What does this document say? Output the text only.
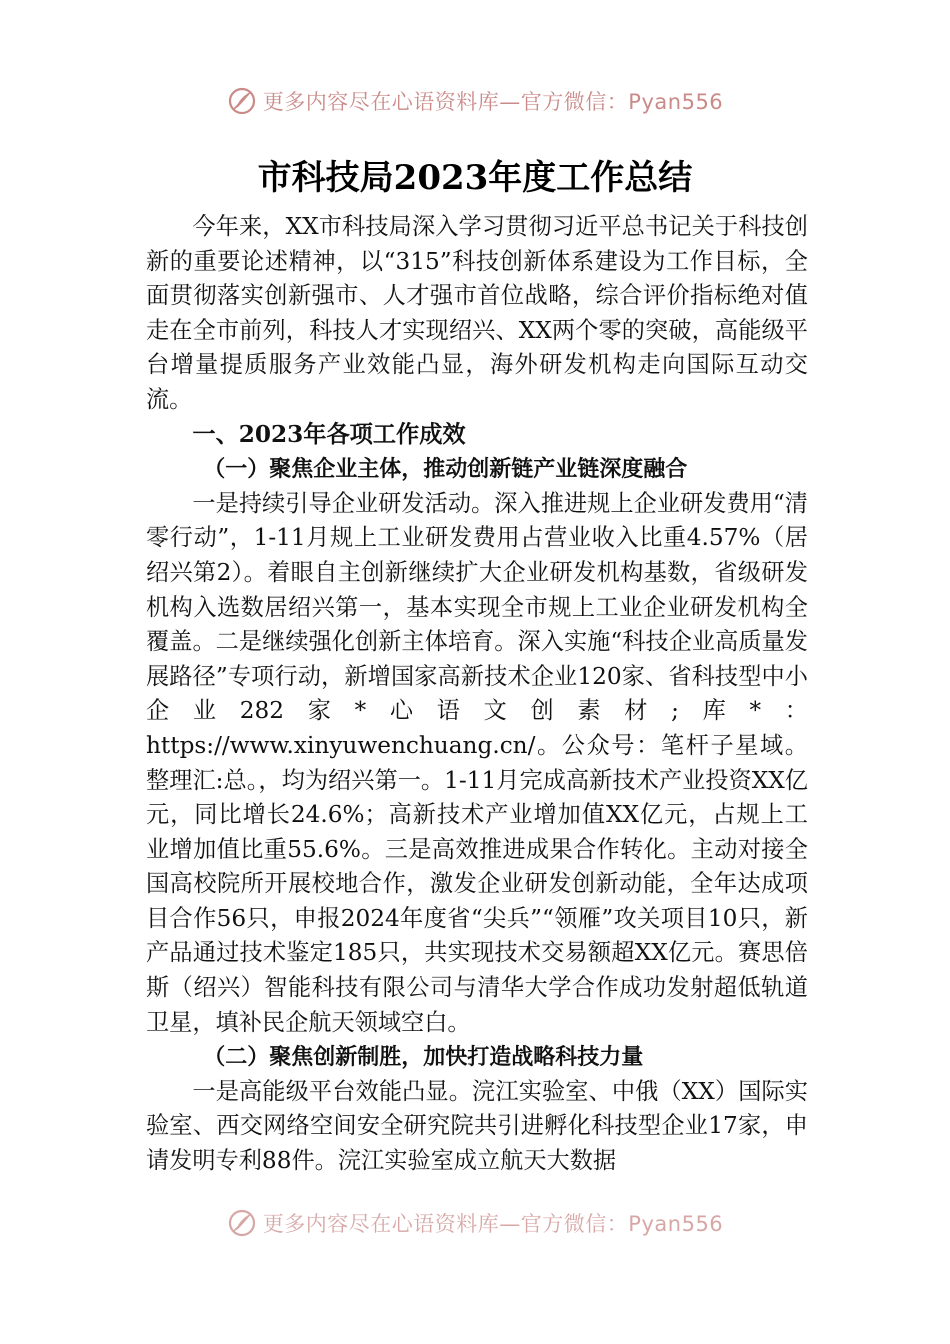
更多内容尽在心语资料库—官方微信：Pyan556
市科技局2023年度工作总结

今年来，XX市科技局深入学习贯彻习近平总书记关于科技创新的重要论述精神，以“315”科技创新体系建设为工作目标，全面贯彻落实创新强市、人才强市首位战略，综合评价指标绝对值走在全市前列，科技人才实现绍兴、XX两个零的突破，高能级平台增量提质服务产业效能凸显，海外研发机构走向国际互动交流。

一、2023年各项工作成效
（一）聚焦企业主体，推动创新链产业链深度融合

一是持续引导企业研发活动。深入推进规上企业研发费用“清零行动”，1-11月规上工业研发费用占营业收入比重4.57%（居绍兴第2）。着眼自主创新继续扩大企业研发机构基数，省级研发机构入选数居绍兴第一，基本实现全市规上工业企业研发机构全覆盖。二是继续强化创新主体培育。深入实施“科技企业高质量发展路径”专项行动，新增国家高新技术企业120家、省科技型中小企业282家*心语文创素材;库*：https://www.xinyuwenchuang.cn/。公众号：笔杆子星域。整理汇:总。，均为绍兴第一。1-11月完成高新技术产业投资XX亿元，同比增长24.6%；高新技术产业增加值XX亿元，占规上工业增加值比重55.6%。三是高效推进成果合作转化。主动对接全国高校院所开展校地合作，激发企业研发创新动能，全年达成项目合作56只，申报2024年度省“尖兵”“领雁”攻关项目10只，新产品通过技术鉴定185只，共实现技术交易额超XX亿元。赛思倍斯（绍兴）智能科技有限公司与清华大学合作成功发射超低轨道卫星，填补民企航天领域空白。

（二）聚焦创新制胜，加快打造战略科技力量

一是高能级平台效能凸显。浣江实验室、中俄（XX）国际实验室、西交网络空间安全研究院共引进孵化科技型企业17家，申请发明专利88件。浣江实验室成立航天大数据

更多内容尽在心语资料库—官方微信：Pyan556
